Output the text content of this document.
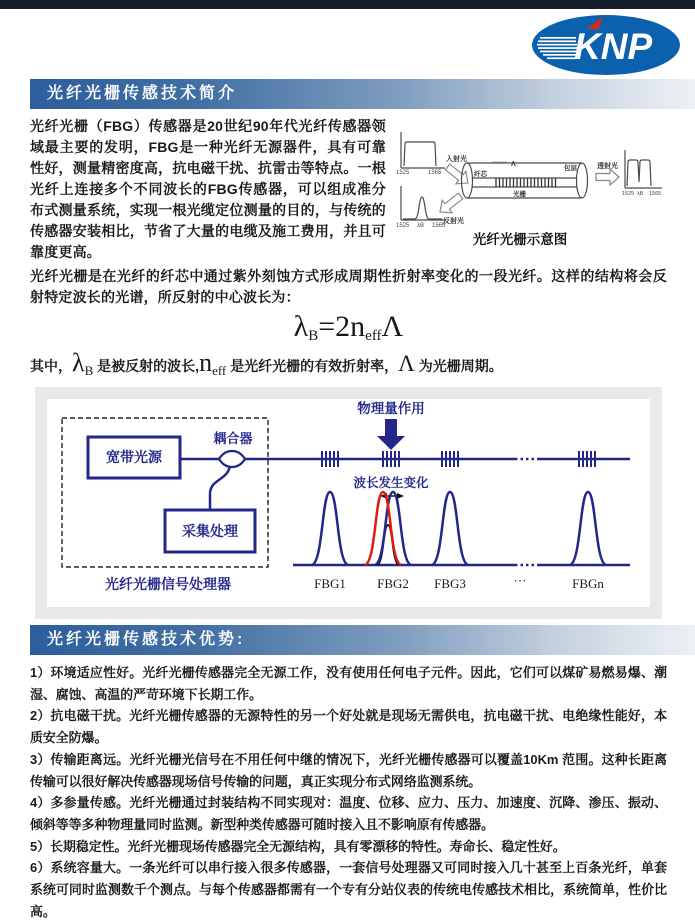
KNP
光纤光栅传感技术简介

光纤光栅（FBG）传感器是20世纪90年代光纤传感器领域最主要的发明，FBG是一种光纤无源器件，具有可靠性好，测量精密度高，抗电磁干扰、抗雷击等特点。一根光纤上连接多个不同波长的FBG传感器，可以组成准分布式测量系统，实现一根光缆定位测量的目的，与传统的传感器安装相比，节省了大量的电缆及施工费用，并且可靠度更高。

光纤光栅是在光纤的纤芯中通过紫外刻蚀方式形成周期性折射率变化的一段光纤。这样的结构将会反射特定波长的光谱，所反射的中心波长为：

$\lambda_B=2n_{eff}\Lambda$

其中，$\lambda_B$ 是被反射的波长$,n_{eff}$ 是光纤光栅的有效折射率，Λ 为光栅周期。

1525	1565
1525 λB 1565
入射光
反射光
Λ
纤芯
包层
光栅
透射光
1525 λB 1565
光纤光栅示意图
宽带光源
耦合器
采集处理
光纤光栅信号处理器
物理量作用
波长发生变化
FBG1 FBG2 FBG3	···	FBGn
光纤光栅传感技术优势:

1）环境适应性好。光纤光栅传感器完全无源工作，没有使用任何电子元件。因此，它们可以煤矿易燃易爆、潮湿、腐蚀、高温的严苛环境下长期工作。

2）抗电磁干扰。光纤光栅传感器的无源特性的另一个好处就是现场无需供电，抗电磁干扰、电绝缘性能好，本质安全防爆。

3）传输距离远。光纤光栅光信号在不用任何中继的情况下，光纤光栅传感器可以覆盖10Km 范围。这种长距离传输可以很好解决传感器现场信号传输的问题，真正实现分布式网络监测系统。

4）多参量传感。光纤光栅通过封装结构不同实现对：温度、位移、应力、压力、加速度、沉降、渗压、振动、倾斜等等多种物理量同时监测。新型种类传感器可随时接入且不影响原有传感器。

5）长期稳定性。光纤光栅现场传感器完全无源结构，具有零漂移的特性。寿命长、稳定性好。

6）系统容量大。一条光纤可以串行接入很多传感器，一套信号处理器又可同时接入几十甚至上百条光纤，单套系统可同时监测数千个测点。与每个传感器都需有一个专有分站仪表的传统电传感技术相比，系统简单，性价比高。
